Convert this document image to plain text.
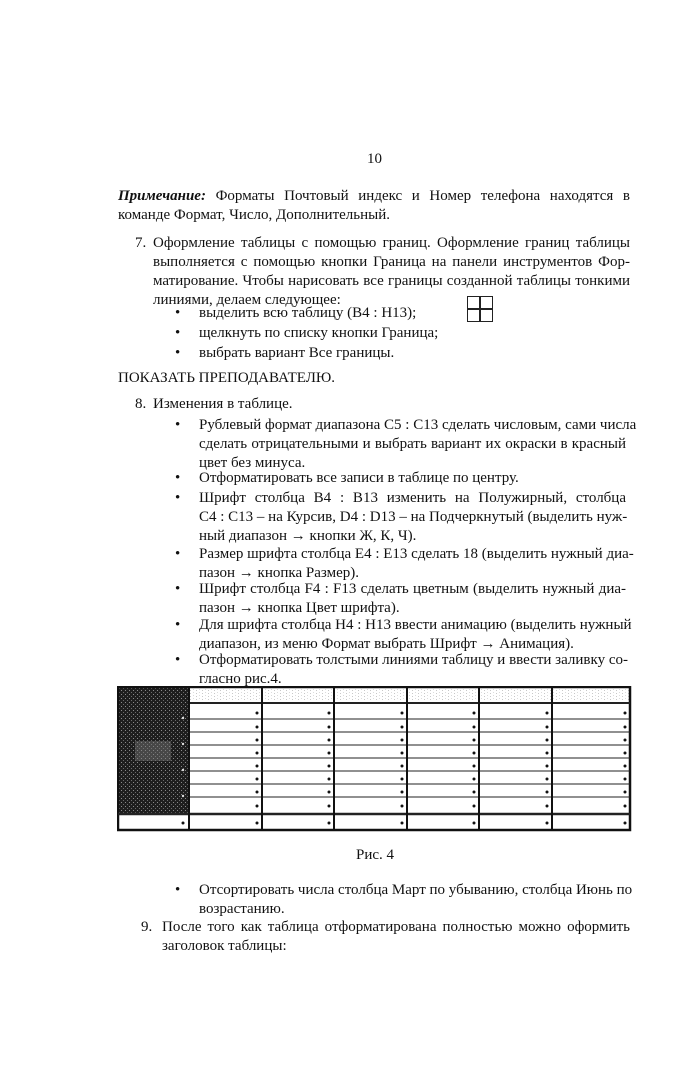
10
Примечание: Форматы Почтовый индекс и Номер телефона находятся в
команде Формат, Число, Дополнительный.
7. Оформление таблицы с помощью границ. Оформление границ таблицы
выполняется с помощью кнопки Граница на панели инструментов Фор-
матирование. Чтобы нарисовать все границы созданной таблицы тонкими
линиями, делаем следующее:
• выделить всю таблицу (B4 : H13);
• щелкнуть по списку кнопки Граница;
• выбрать вариант Все границы.
ПОКАЗАТЬ ПРЕПОДАВАТЕЛЮ.
8. Изменения в таблице.
• Рублевый формат диапазона С5 : С13 сделать числовым, сами числа
сделать отрицательными и выбрать вариант их окраски в красный
цвет без минуса.
• Отформатировать все записи в таблице по центру.
• Шрифт столбца В4 : В13 изменить на Полужирный, столбца
С4 : С13 – на Курсив, D4 : D13 – на Подчеркнутый (выделить нуж-
ный диапазон → кнопки Ж, К, Ч).
• Размер шрифта столбца Е4 : Е13 сделать 18 (выделить нужный диа-
пазон → кнопка Размер).
• Шрифт столбца F4 : F13 сделать цветным (выделить нужный диа-
пазон → кнопка Цвет шрифта).
• Для шрифта столбца Н4 : Н13 ввести анимацию (выделить нужный
диапазон, из меню Формат выбрать Шрифт → Анимация).
• Отформатировать толстыми линиями таблицу и ввести заливку со-
гласно рис.4.
Рис. 4
• Отсортировать числа столбца Март по убыванию, столбца Июнь по
возрастанию.
9. После того как таблица отформатирована полностью можно оформить
заголовок таблицы:
